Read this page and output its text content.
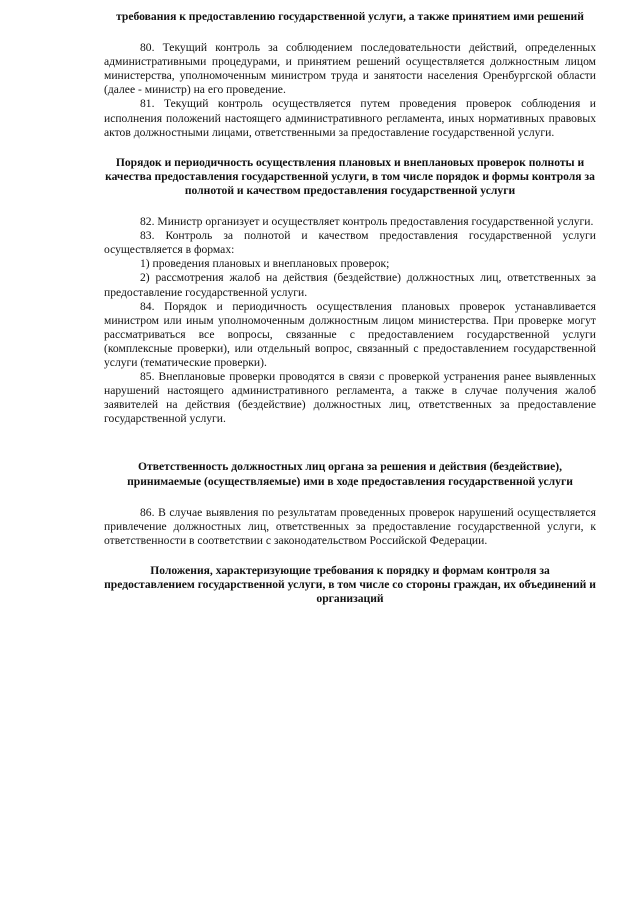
требования к предоставлению государственной услуги, а также принятием ими решений

80. Текущий контроль за соблюдением последовательности действий, определенных административными процедурами, и принятием решений осуществляется должностным лицом министерства, уполномоченным министром труда и занятости населения Оренбургской области (далее - министр) на его проведение.

81. Текущий контроль осуществляется путем проведения проверок соблюдения и исполнения положений настоящего административного регламента, иных нормативных правовых актов должностными лицами, ответственными за предоставление государственной услуги.

Порядок и периодичность осуществления плановых и внеплановых проверок полноты и качества предоставления государственной услуги, в том числе порядок и формы контроля за полнотой и качеством предоставления государственной услуги

82. Министр организует и осуществляет контроль предоставления государственной услуги.

83. Контроль за полнотой и качеством предоставления государственной услуги осуществляется в формах:

1) проведения плановых и внеплановых проверок;

2) рассмотрения жалоб на действия (бездействие) должностных лиц, ответственных за предоставление государственной услуги.

84. Порядок и периодичность осуществления плановых проверок устанавливается министром или иным уполномоченным должностным лицом министерства. При проверке могут рассматриваться все вопросы, связанные с предоставлением государственной услуги (комплексные проверки), или отдельный вопрос, связанный с предоставлением государственной услуги (тематические проверки).

85. Внеплановые проверки проводятся в связи с проверкой устранения ранее выявленных нарушений настоящего административного регламента, а также в случае получения жалоб заявителей на действия (бездействие) должностных лиц, ответственных за предоставление государственной услуги.

Ответственность должностных лиц органа за решения и действия (бездействие), принимаемые (осуществляемые) ими в ходе предоставления государственной услуги

86. В случае выявления по результатам проведенных проверок нарушений осуществляется привлечение должностных лиц, ответственных за предоставление государственной услуги, к ответственности в соответствии с законодательством Российской Федерации.

Положения, характеризующие требования к порядку и формам контроля за предоставлением государственной услуги, в том числе со стороны граждан, их объединений и организаций
